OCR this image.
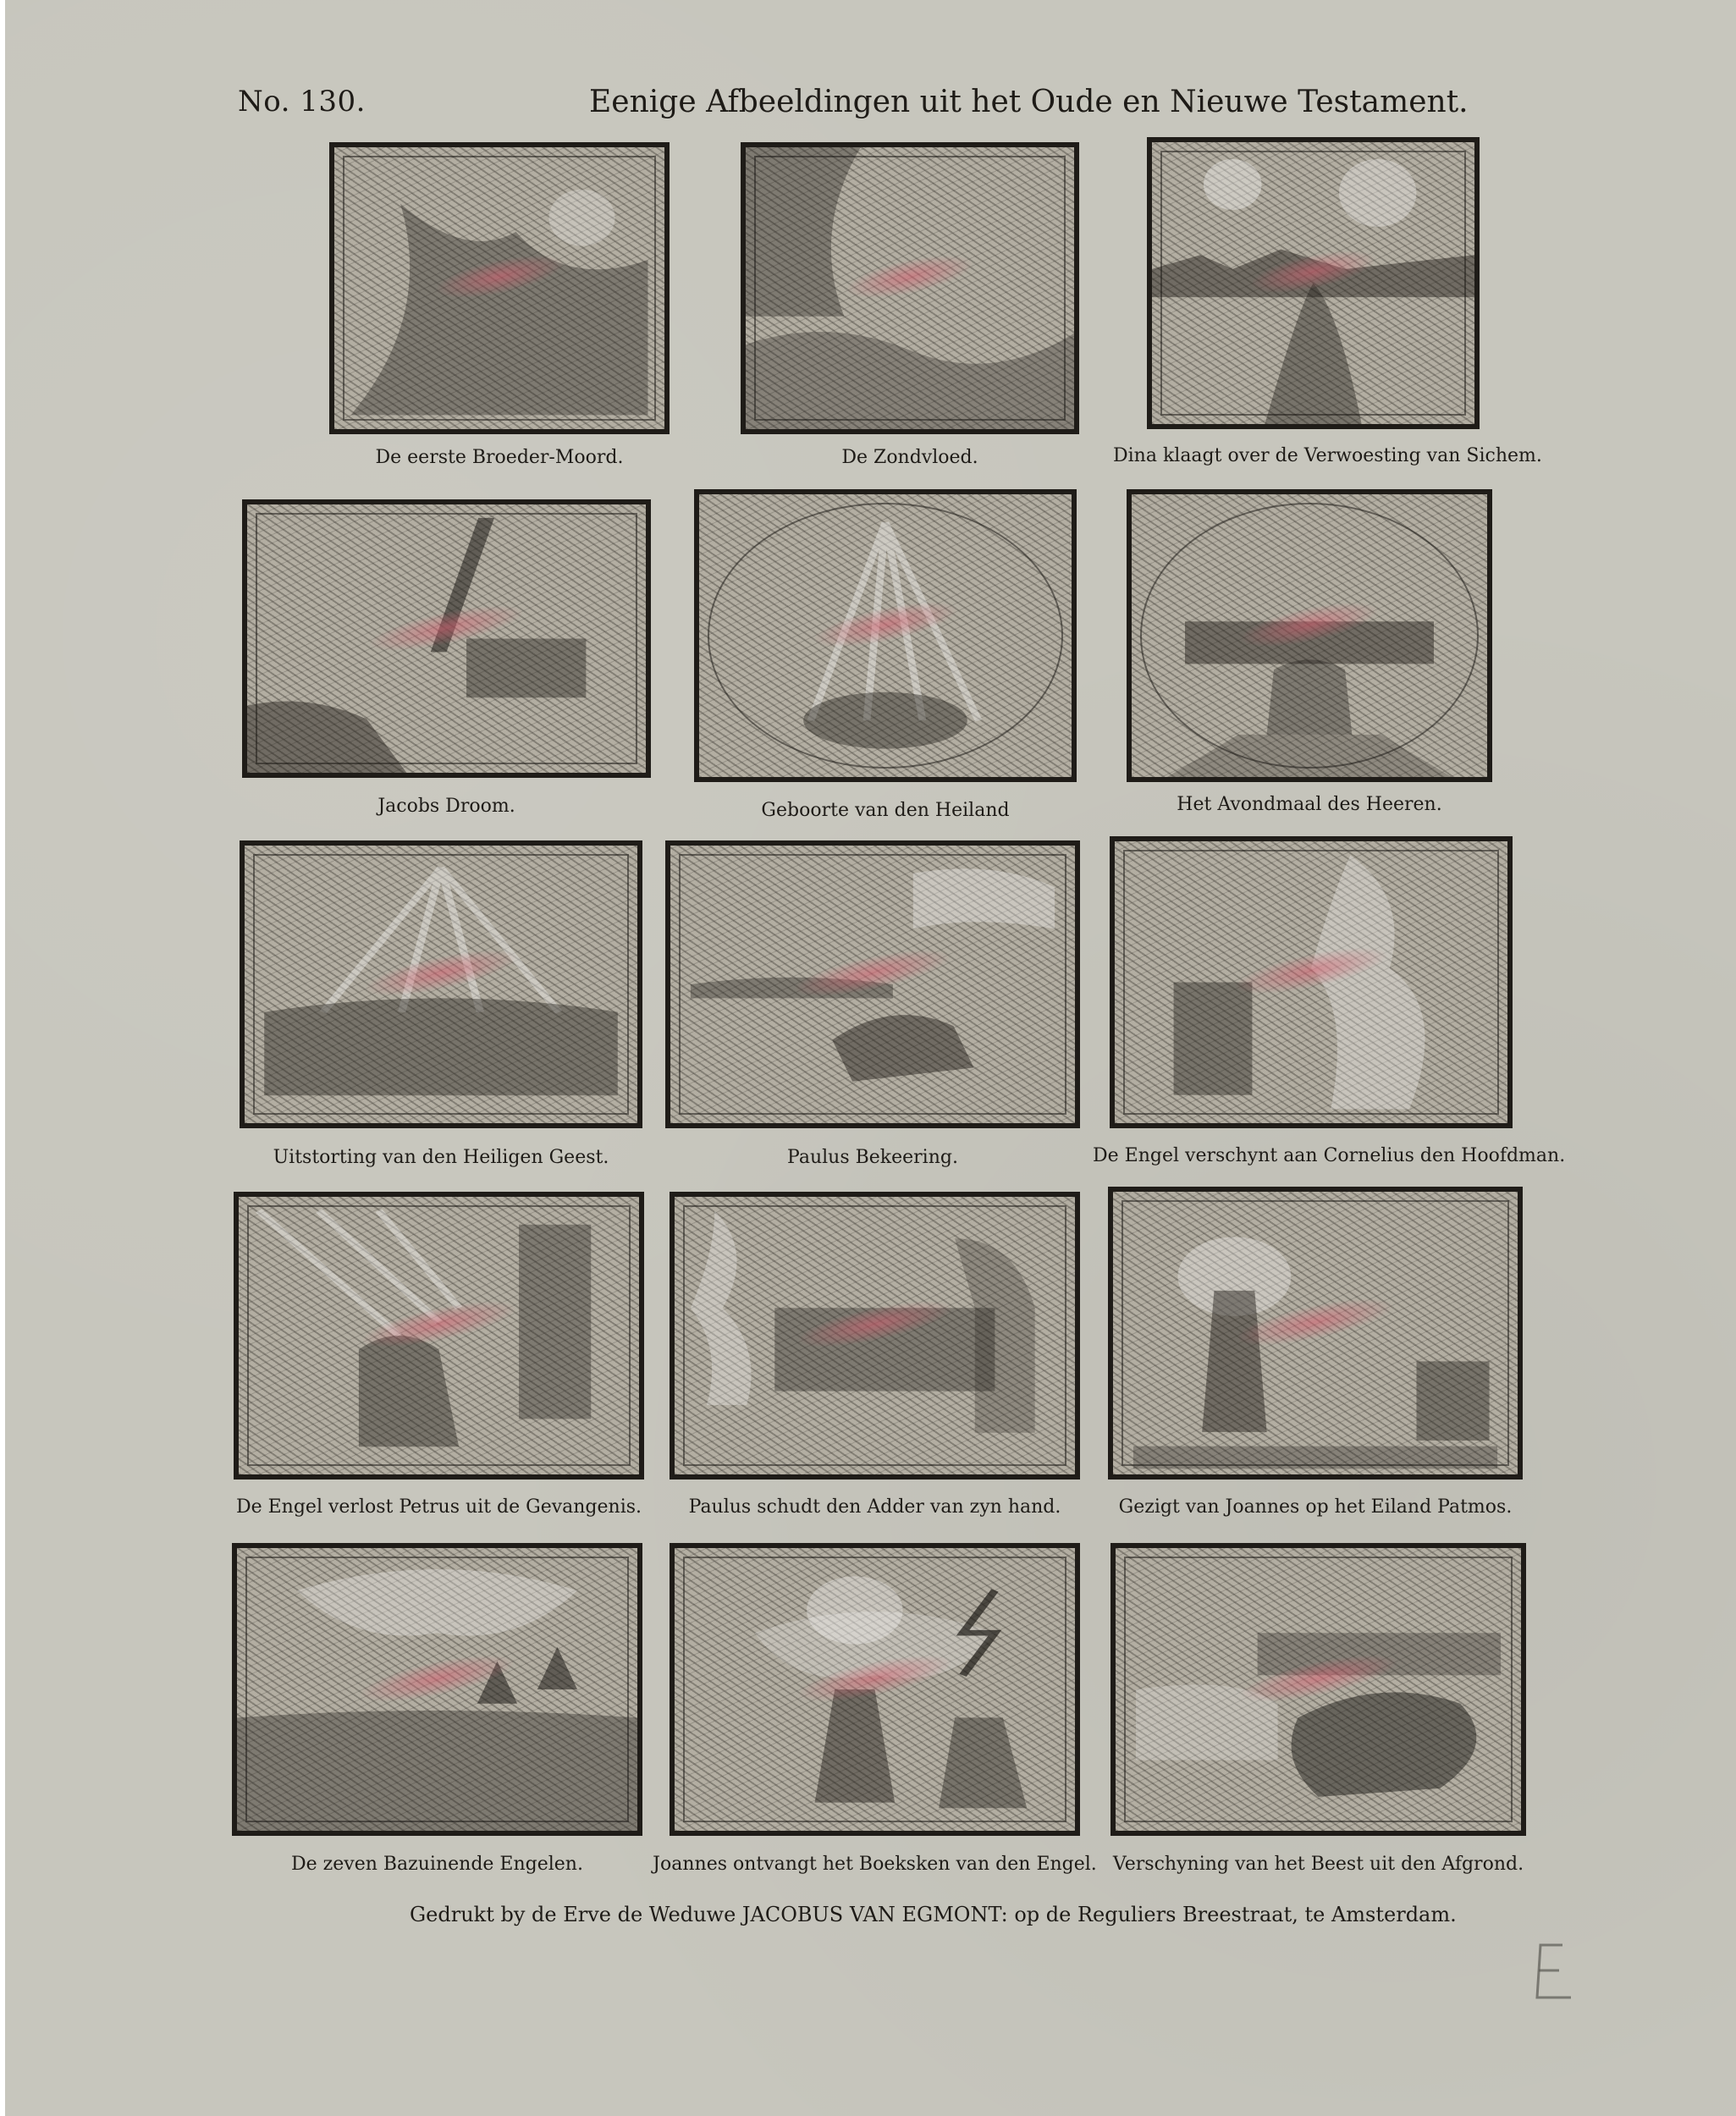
No. 130.	Eenige Afbeeldingen uit het Oude en Nieuwe Testament.
De eerste Broeder-Moord.	De Zondvloed.	Dina klaagt over de Verwoesting van Sichem.
Jacobs Droom.	Geboorte van den Heiland	Het Avondmaal des Heeren.
Uitstorting van den Heiligen Geest.	Paulus Bekeering.	De Engel verschynt aan Cornelius den Hoofdman.
De Engel verlost Petrus uit de Gevangenis.	Paulus schudt den Adder van zyn hand.	Gezigt van Joannes op het Eiland Patmos.
De zeven Bazuinende Engelen.	Joannes ontvangt het Boeksken van den Engel. Verschyning van het Beest uit den Afgrond.
Gedrukt by de Erve de Weduwe JACOBUS VAN EGMONT: op de Reguliers Breestraat, te Amsterdam.
